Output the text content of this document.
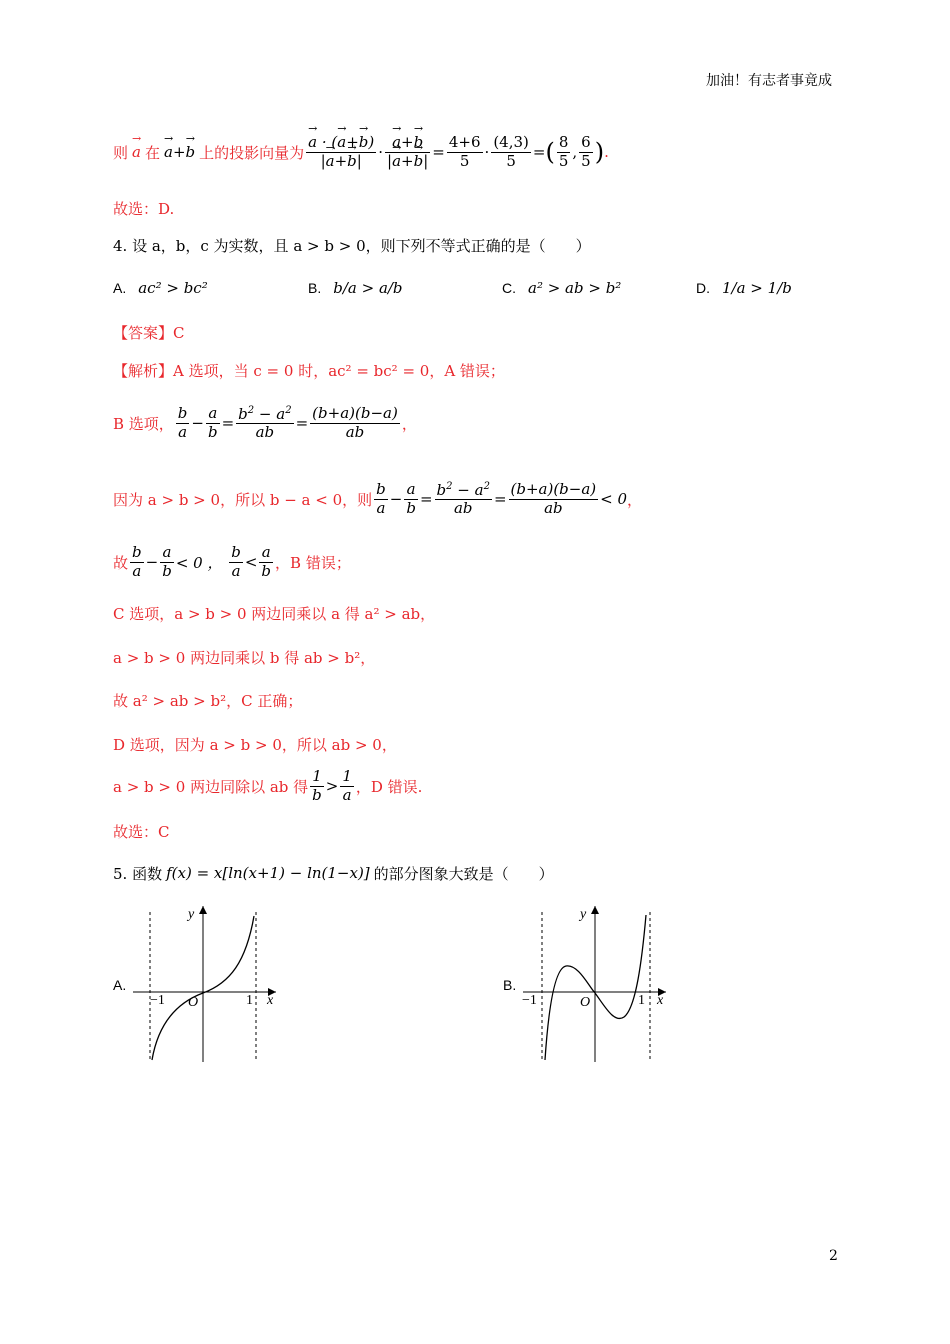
加油！有志者事竟成
则 → a 在 → a+→ b 上的投影向量为 → $\frac{a \cdot (\to a+\to b)}{|\to a+\to b|}$ · → $\frac{a+\to b}{|\to a+\to b|} = \frac{4+6}{5} \cdot \frac{(4,3)}{5}$ = ( $\frac{8}{5}$ , $\frac{6}{5}$ ) .
故选：D.
4. 设 a，b，c 为实数，且 a > b > 0，则下列不等式正确的是（　　）
A. ac² > bc²	B. b/a > a/b	C. a² > ab > b²	D. 1/a > 1/b
【答案】C
【解析】A 选项，当 c = 0 时，ac² = bc² = 0，A 错误；
B 选项， $\frac{b}{a} - \frac{a}{b} = \frac{b^2 - a^2}{ab} = \frac{(b+a)(b-a)}{ab}$ ，
因为 a > b > 0，所以 b − a < 0，则 $\frac{b}{a} - \frac{a}{b} = \frac{b^2 - a^2}{ab} = \frac{(b+a)(b-a)}{ab} < 0$ ，
故 $\frac{b}{a} - \frac{a}{b} < 0$ ， $\frac{b}{a} < \frac{a}{b}$ ，B 错误；
C 选项，a > b > 0 两边同乘以 a 得 a² > ab，
a > b > 0 两边同乘以 b 得 ab > b²，
故 a² > ab > b²，C 正确；
D 选项，因为 a > b > 0，所以 ab > 0，
a > b > 0 两边同除以 ab 得 $\frac{1}{b} > \frac{1}{a}$ ，D 错误.
故选：C
5. 函数 f(x) = x[ln(x+1) − ln(1−x)] 的部分图象大致是（　　）
A.
y
x
O
−1	1
B.
y
x
O
−1	1
2
